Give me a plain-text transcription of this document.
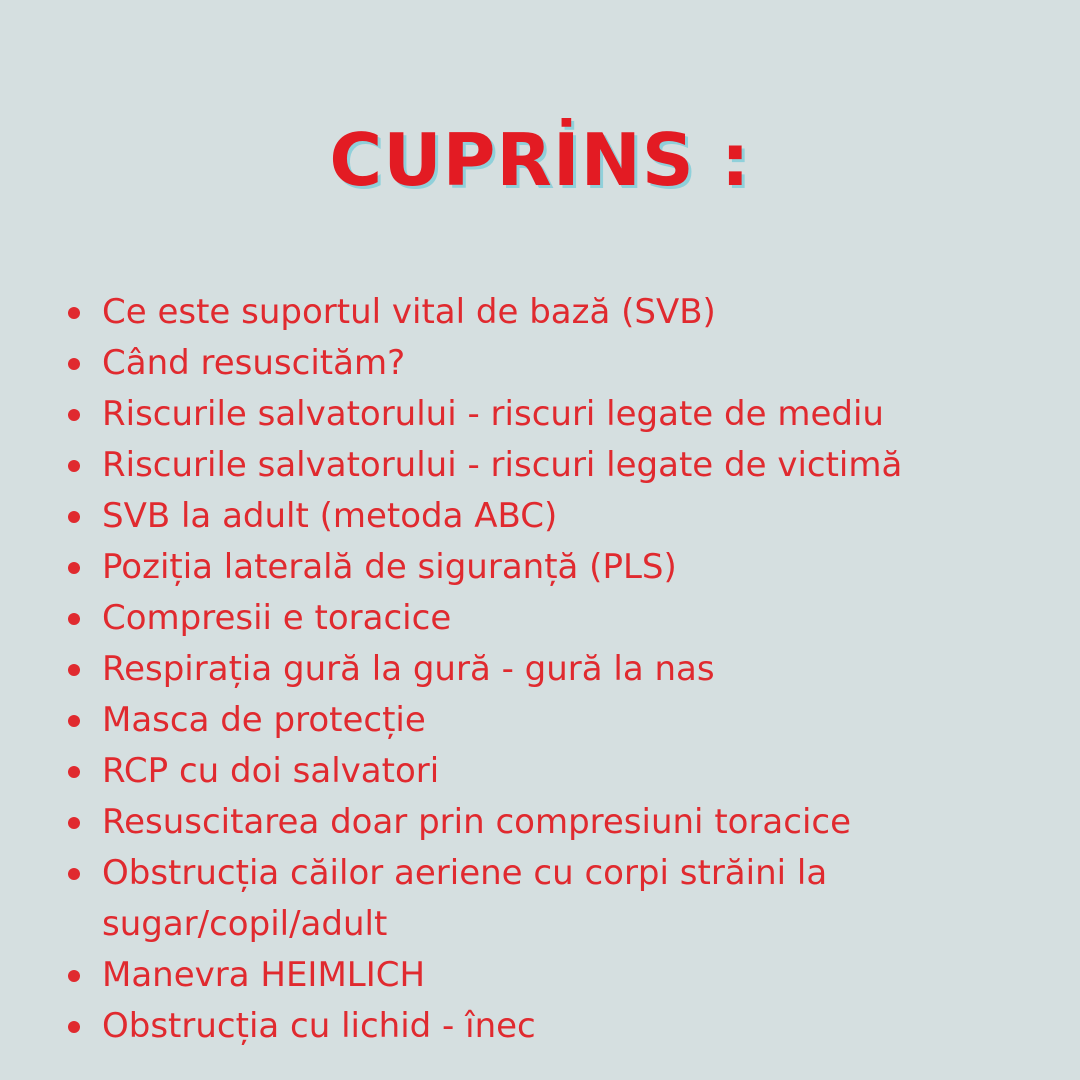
CUPRİNS :
Ce este suportul vital de bază (SVB)
Când resuscităm?
Riscurile salvatorului - riscuri legate de mediu
Riscurile salvatorului - riscuri legate de victimă
SVB la adult (metoda ABC)
Poziția laterală de siguranță (PLS)
Compresii e toracice
Respirația gură la gură - gură la nas
Masca de protecție
RCP cu doi salvatori
Resuscitarea doar prin compresiuni toracice
Obstrucția căilor aeriene cu corpi străini la sugar/copil/adult
Manevra HEIMLICH
Obstrucția cu lichid - înec
